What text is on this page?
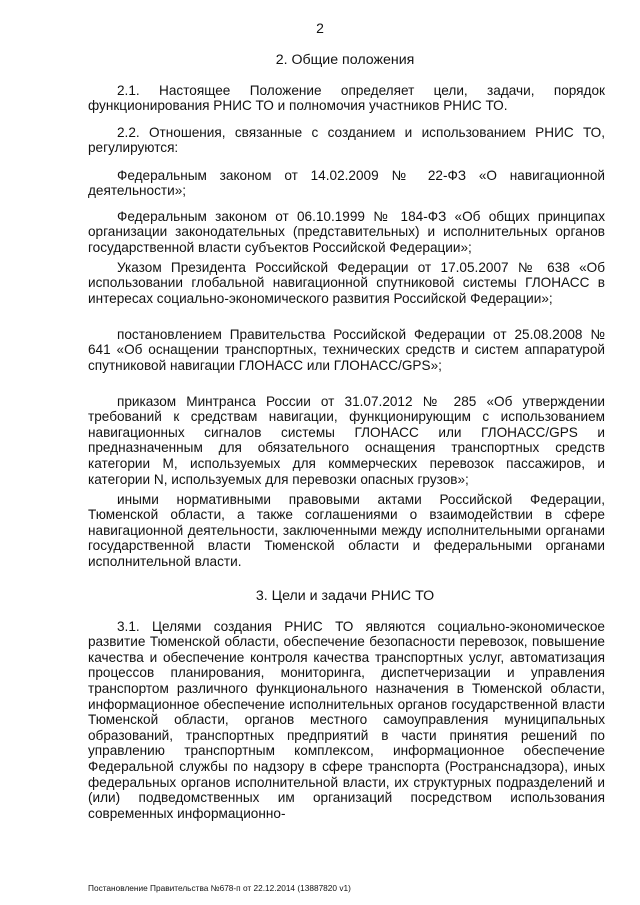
2
2. Общие положения

2.1. Настоящее Положение определяет цели, задачи, порядок функционирования РНИС ТО и полномочия участников РНИС ТО.

2.2. Отношения, связанные с созданием и использованием РНИС ТО, регулируются:

Федеральным законом от 14.02.2009 № 22-ФЗ «О навигационной деятельности»;

Федеральным законом от 06.10.1999 № 184-ФЗ «Об общих принципах организации законодательных (представительных) и исполнительных органов государственной власти субъектов Российской Федерации»;

Указом Президента Российской Федерации от 17.05.2007 № 638 «Об использовании глобальной навигационной спутниковой системы ГЛОНАСС в интересах социально-экономического развития Российской Федерации»;

постановлением Правительства Российской Федерации от 25.08.2008 № 641 «Об оснащении транспортных, технических средств и систем аппаратурой спутниковой навигации ГЛОНАСС или ГЛОНАСС/GPS»;

приказом Минтранса России от 31.07.2012 № 285 «Об утверждении требований к средствам навигации, функционирующим с использованием навигационных сигналов системы ГЛОНАСС или ГЛОНАСС/GPS и предназначенным для обязательного оснащения транспортных средств категории M, используемых для коммерческих перевозок пассажиров, и категории N, используемых для перевозки опасных грузов»;

иными нормативными правовыми актами Российской Федерации, Тюменской области, а также соглашениями о взаимодействии в сфере навигационной деятельности, заключенными между исполнительными органами государственной власти Тюменской области и федеральными органами исполнительной власти.

3. Цели и задачи РНИС ТО

3.1. Целями создания РНИС ТО являются социально-экономическое развитие Тюменской области, обеспечение безопасности перевозок, повышение качества и обеспечение контроля качества транспортных услуг, автоматизация процессов планирования, мониторинга, диспетчеризации и управления транспортом различного функционального назначения в Тюменской области, информационное обеспечение исполнительных органов государственной власти Тюменской области, органов местного самоуправления муниципальных образований, транспортных предприятий в части принятия решений по управлению транспортным комплексом, информационное обеспечение Федеральной службы по надзору в сфере транспорта (Ространснадзора), иных федеральных органов исполнительной власти, их структурных подразделений и (или) подведомственных им организаций посредством использования современных информационно-

Постановление Правительства №678-п от 22.12.2014 (13887820 v1)
